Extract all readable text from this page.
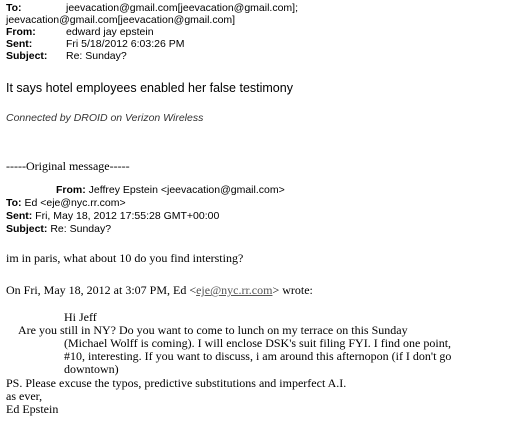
To:	jeevacation@gmail.com[jeevacation@gmail.com];
jeevacation@gmail.com[jeevacation@gmail.com]
From:	edward jay epstein
Sent:	Fri 5/18/2012 6:03:26 PM
Subject: Re: Sunday?
It says hotel employees enabled her false testimony
Connected by DROID on Verizon Wireless
-----Original message-----
From: Jeffrey Epstein <jeevacation@gmail.com>
To: Ed <eje@nyc.rr.com>
Sent: Fri, May 18, 2012 17:55:28 GMT+00:00
Subject: Re: Sunday?
im in paris, what about 10 do you find intersting?
On Fri, May 18, 2012 at 3:07 PM, Ed <eje@nyc.rr.com> wrote:
Hi Jeff
Are you still in NY? Do you want to come to lunch on my terrace on this Sunday
(Michael Wolff is coming). I will enclose DSK's suit filing FYI. I find one point,
#10, interesting. If you want to discuss, i am around this afternopon (if I don't go
downtown)
PS. Please excuse the typos, predictive substitutions and imperfect A.I.
as ever,
Ed Epstein
